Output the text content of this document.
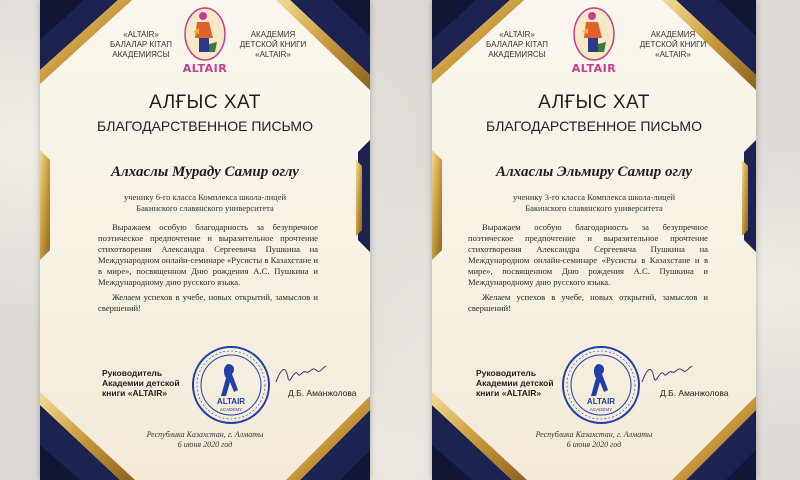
«ALTAIR»
БАЛАЛАР КІТАП
АКАДЕМИЯСЫ
ALTAIR
АКАДЕМИЯ
ДЕТСКОЙ КНИГИ
«ALTAIR»
АЛҒЫС ХАТ
БЛАГОДАРСТВЕННОЕ ПИСЬМО
Алхаслы Мураду Самир оглу
ученику 6-го класса Комплекса школа-лицей
Бакинского славянского университета

Выражаем особую благодарность за безупречное поэтическое предпочтение и выразительное прочтение стихотворения Александра Сергеевича Пушкина на Международном онлайн-семинаре «Русисты в Казахстане и в мире», посвященном Дню рождения А.С. Пушкина и Международному дню русского языка.

Желаем успехов в учебе, новых открытий, замыслов и свершений!
Руководитель
Академии детской
книги «ALTAIR»
ALTAIR
ACADEMY
Д.Б. Аманжолова
Республика Казахстан, г. Алматы
6 июня 2020 год
«ALTAIR»
БАЛАЛАР КІТАП
АКАДЕМИЯСЫ
ALTAIR
АКАДЕМИЯ
ДЕТСКОЙ КНИГИ
«ALTAIR»
АЛҒЫС ХАТ
БЛАГОДАРСТВЕННОЕ ПИСЬМО
Алхаслы Эльмиру Самир оглу
ученику 3-го класса Комплекса школа-лицей
Бакинского славянского университета

Выражаем особую благодарность за безупречное поэтическое предпочтение и выразительное прочтение стихотворения Александра Сергеевича Пушкина на Международном онлайн-семинаре «Русисты в Казахстане и в мире», посвященном Дню рождения А.С. Пушкина и Международному дню русского языка.

Желаем успехов в учебе, новых открытий, замыслов и свершений!
Руководитель
Академии детской
книги «ALTAIR»
ALTAIR
ACADEMY
Д.Б. Аманжолова
Республика Казахстан, г. Алматы
6 июня 2020 год
